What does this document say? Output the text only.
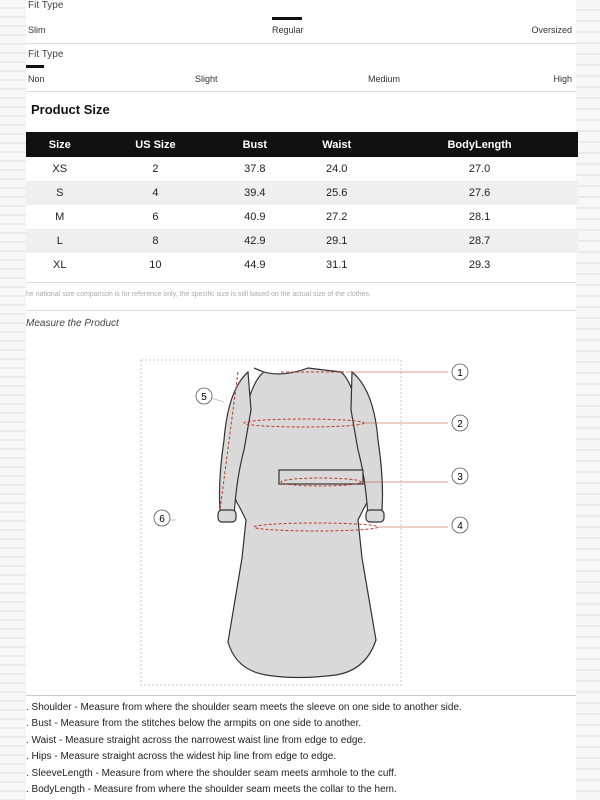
Fit Type
Slim	Regular	Oversized
Fit Type
Non	Slight	Medium	High
Product Size
Size	US Size	Bust	Waist	BodyLength
XS	2	37.8	24.0	27.0
S	4	39.4	25.6	27.6
M	6	40.9	27.2	28.1
L	8	42.9	29.1	28.7
XL	10	44.9	31.1	29.3
he national size comparison is for reference only, the specific size is still based on the actual size of the clothes.
Measure the Product
1
2
3
4
5
6
. Shoulder - Measure from where the shoulder seam meets the sleeve on one side to another side.
. Bust - Measure from the stitches below the armpits on one side to another.
. Waist - Measure straight across the narrowest waist line from edge to edge.
. Hips - Measure straight across the widest hip line from edge to edge.
. SleeveLength - Measure from where the shoulder seam meets armhole to the cuff.
. BodyLength - Measure from where the shoulder seam meets the collar to the hem.
